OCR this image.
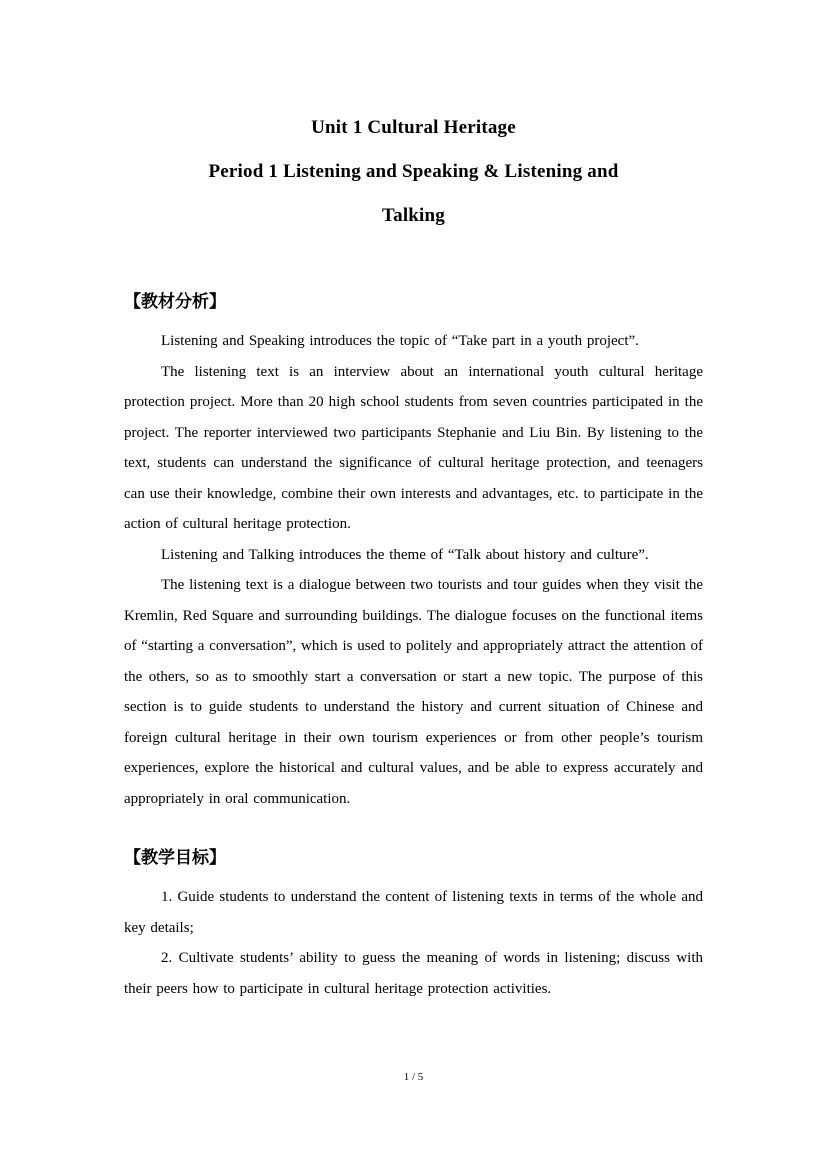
Unit 1 Cultural Heritage
Period 1 Listening and Speaking & Listening and
Talking
【教材分析】

Listening and Speaking introduces the topic of “Take part in a youth project”.

The listening text is an interview about an international youth cultural heritage protection project. More than 20 high school students from seven countries participated in the project. The reporter interviewed two participants Stephanie and Liu Bin. By listening to the text, students can understand the significance of cultural heritage protection, and teenagers can use their knowledge, combine their own interests and advantages, etc. to participate in the action of cultural heritage protection.

Listening and Talking introduces the theme of “Talk about history and culture”.

The listening text is a dialogue between two tourists and tour guides when they visit the Kremlin, Red Square and surrounding buildings. The dialogue focuses on the functional items of “starting a conversation”, which is used to politely and appropriately attract the attention of the others, so as to smoothly start a conversation or start a new topic. The purpose of this section is to guide students to understand the history and current situation of Chinese and foreign cultural heritage in their own tourism experiences or from other people’s tourism experiences, explore the historical and cultural values, and be able to express accurately and appropriately in oral communication.

【教学目标】

1. Guide students to understand the content of listening texts in terms of the whole and key details;

2. Cultivate students’ ability to guess the meaning of words in listening; discuss with their peers how to participate in cultural heritage protection activities.

1 / 5
